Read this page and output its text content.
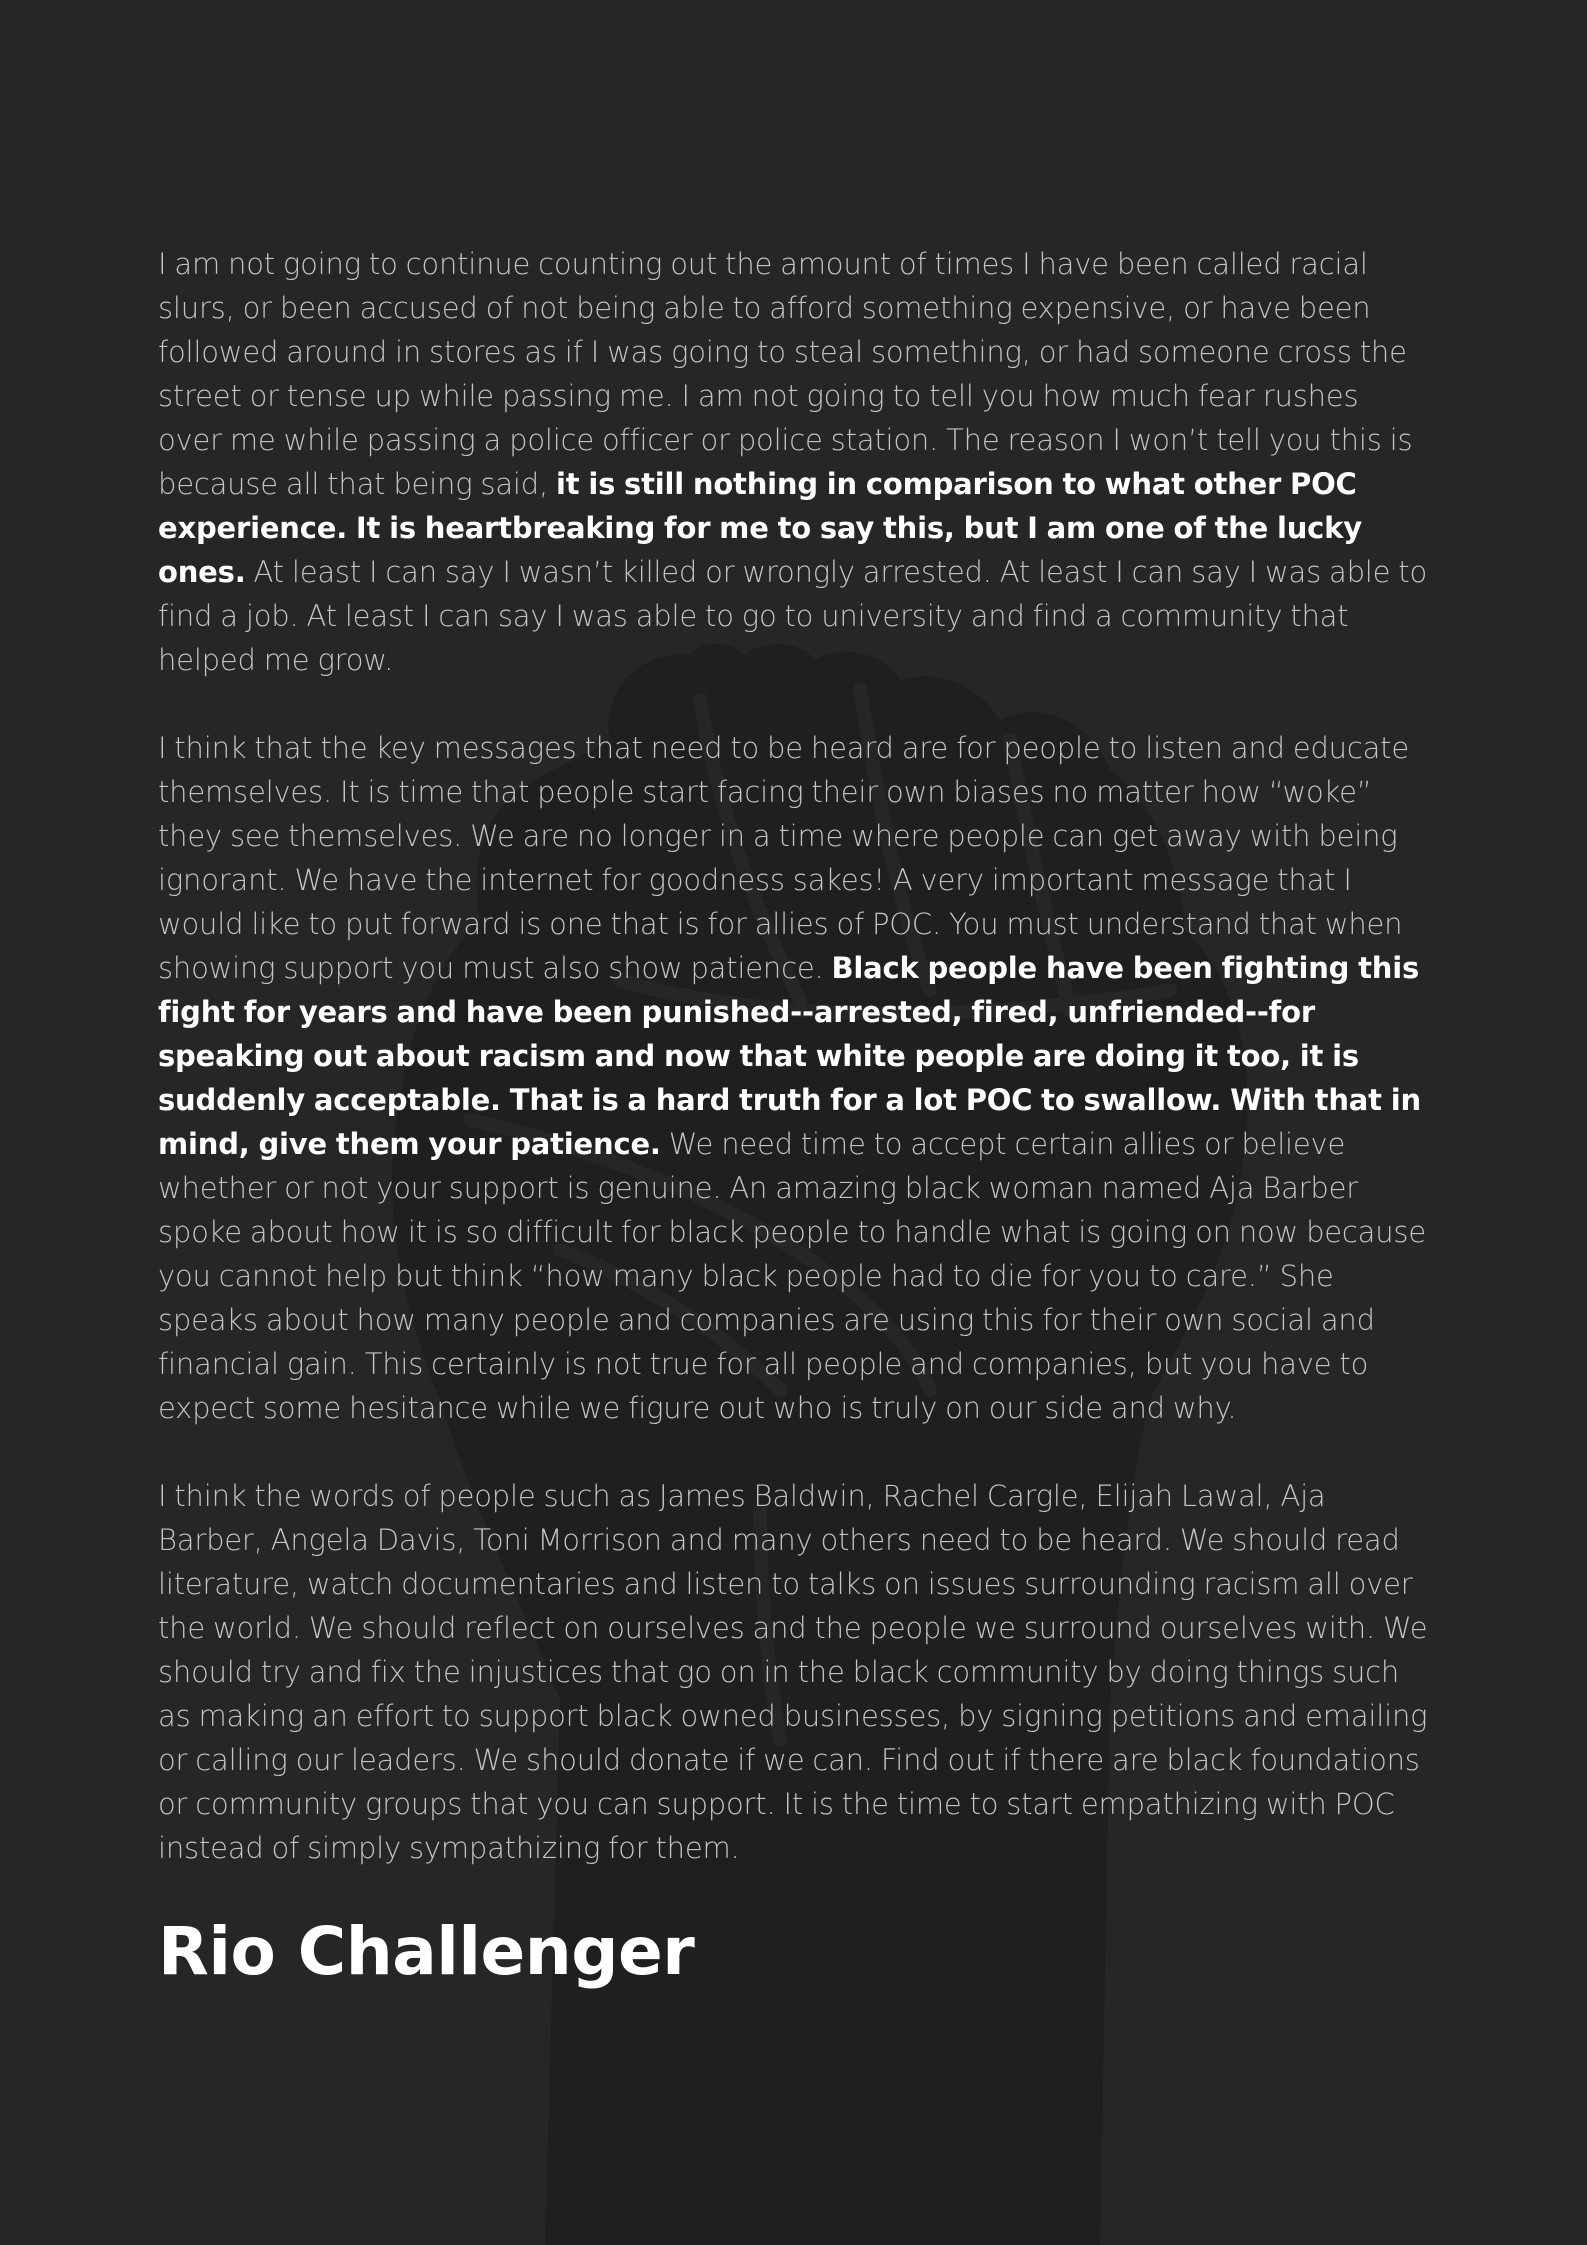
I am not going to continue counting out the amount of times I have been called racial slurs, or been accused of not being able to afford something expensive, or have been followed around in stores as if I was going to steal something, or had someone cross the street or tense up while passing me. I am not going to tell you how much fear rushes over me while passing a police officer or police station. The reason I won’t tell you this is because all that being said, it is still nothing in comparison to what other POC experience. It is heartbreaking for me to say this, but I am one of the lucky ones. At least I can say I wasn’t killed or wrongly arrested. At least I can say I was able to find a job. At least I can say I was able to go to university and find a community that helped me grow.

I think that the key messages that need to be heard are for people to listen and educate themselves. It is time that people start facing their own biases no matter how “woke” they see themselves. We are no longer in a time where people can get away with being ignorant. We have the internet for goodness sakes! A very important message that I would like to put forward is one that is for allies of POC. You must understand that when showing support you must also show patience. Black people have been fighting this fight for years and have been punished--arrested, fired, unfriended--for speaking out about racism and now that white people are doing it too, it is suddenly acceptable. That is a hard truth for a lot POC to swallow. With that in mind, give them your patience. We need time to accept certain allies or believe whether or not your support is genuine. An amazing black woman named Aja Barber spoke about how it is so difficult for black people to handle what is going on now because you cannot help but think “how many black people had to die for you to care.” She speaks about how many people and companies are using this for their own social and financial gain. This certainly is not true for all people and companies, but you have to expect some hesitance while we figure out who is truly on our side and why.

I think the words of people such as James Baldwin, Rachel Cargle, Elijah Lawal, Aja Barber, Angela Davis, Toni Morrison and many others need to be heard. We should read literature, watch documentaries and listen to talks on issues surrounding racism all over the world. We should reflect on ourselves and the people we surround ourselves with. We should try and fix the injustices that go on in the black community by doing things such as making an effort to support black owned businesses, by signing petitions and emailing or calling our leaders. We should donate if we can. Find out if there are black foundations or community groups that you can support. It is the time to start empathizing with POC instead of simply sympathizing for them.

Rio Challenger
